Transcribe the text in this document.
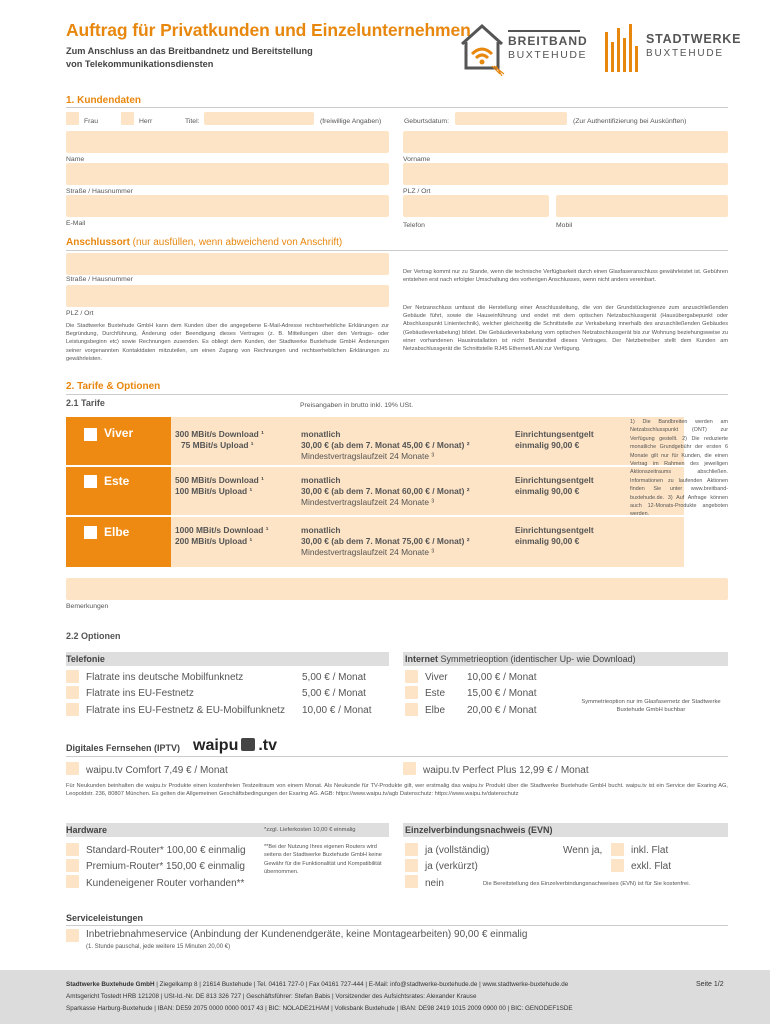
Auftrag für Privatkunden und Einzelunternehmen
Zum Anschluss an das Breitbandnetz und Bereitstellung
von Telekommunikationsdiensten
BREITBAND
BUXTEHUDE
STADTWERKE
BUXTEHUDE
1. Kundendaten
Frau	Herr	Titel:	(freiwillige Angaben)	Geburtsdatum:	(Zur Authentifizierung bei Auskünften)
Name	Vorname
Straße / Hausnummer	PLZ / Ort
E-Mail	Telefon	Mobil
Anschlussort (nur ausfüllen, wenn abweichend von Anschrift)
Straße / Hausnummer
PLZ / Ort
Die Stadtwerke Buxtehude GmbH kann dem Kunden über die angegebene E-Mail-Adresse rechtserhebliche Erklärungen zur Begründung, Durchführung, Änderung oder Beendigung dieses Vertrages (z. B. Mitteilungen über den Vertrags- oder Leistungsbeginn etc) sowie Rechnungen zusenden. Es obliegt dem Kunden, der Stadtwerke Buxtehude GmbH Änderungen seiner vorgenannten Kontaktdaten mitzuteilen, um einen Zugang von Rechnungen und rechtserheblichen Erklärungen zu gewährleisten.
Der Vertrag kommt nur zu Stande, wenn die technische Verfügbarkeit durch einen Glasfaseranschluss gewährleistet ist. Gebühren entstehen erst nach erfolgter Umschaltung des vorherigen Anschlusses, wenn nicht anders vereinbart.
Der Netzanschluss umfasst die Herstellung einer Anschlussleitung, die von der Grundstücksgrenze zum anzuschließenden Gebäude führt, sowie die Hauseinführung und endet mit dem optischen Netzabschlussgerät (Hausübergabepunkt oder Abschlusspunkt Linientechnik), welcher gleichzeitig die Schnittstelle zur Verkabelung innerhalb des anzuschließenden Gebäudes (Gebäudeverkabelung) bildet. Die Gebäudeverkabelung vom optischen Netzabschlussgerät bis zur Wohnung beziehungsweise zu einer vorhandenen Hausinstallation ist nicht Bestandteil dieses Vertrages. Der Netzbetreiber stellt dem Kunden am Netzabschlussgerät die Schnittstelle RJ45 Ethernet/LAN zur Verfügung.
2. Tarife & Optionen
2.1 Tarife	Preisangaben in brutto inkl. 19% USt.
Viver	300 MBit/s Download ¹
75 MBit/s Upload ¹
monatlich
30,00 € (ab dem 7. Monat 45,00 € / Monat) ²
Mindestvertragslaufzeit 24 Monate ³
Einrichtungsentgelt
einmalig 90,00 €
Este	500 MBit/s Download ¹
100 MBit/s Upload ¹
monatlich
30,00 € (ab dem 7. Monat 60,00 € / Monat) ²
Mindestvertragslaufzeit 24 Monate ³
Einrichtungsentgelt
einmalig 90,00 €
Elbe	1000 MBit/s Download ¹
200 MBit/s Upload ¹
monatlich
30,00 € (ab dem 7. Monat 75,00 € / Monat) ²
Mindestvertragslaufzeit 24 Monate ³
Einrichtungsentgelt
einmalig 90,00 €
1) Die Bandbreiten werden am Netzabschlusspunkt (ONT) zur Verfügung gestellt. 2) Die reduzierte monatliche Grundgebühr der ersten 6 Monate gilt nur für Kunden, die einen Vertrag im Rahmen des jeweiligen Aktionszeitraums abschließen. Informationen zu laufenden Aktionen finden Sie unter www.breitband-buxtehude.de. 3) Auf Anfrage können auch 12-Monats-Produkte angeboten werden.
Bemerkungen
2.2 Optionen
Telefonie
Flatrate ins deutsche Mobilfunknetz	5,00 € / Monat
Flatrate ins EU-Festnetz	5,00 € / Monat
Flatrate ins EU-Festnetz & EU-Mobilfunknetz 10,00 € / Monat
Internet Symmetrieoption (identischer Up- wie Download)
Viver 10,00 € / Monat
Este 15,00 € / Monat
Elbe 20,00 € / Monat
Symmetrieoption nur im Glasfasernetz der Stadtwerke Buxtehude GmbH buchbar
Digitales Fernsehen (IPTV) waipu .tv
waipu.tv Comfort 7,49 € / Monat	waipu.tv Perfect Plus 12,99 € / Monat
Für Neukunden beinhalten die waipu.tv Produkte einen kostenfreien Testzeitraum von einem Monat. Als Neukunde für TV-Produkte gilt, wer erstmalig das waipu.tv Produkt über die Stadtwerke Buxtehude GmbH bucht. waipu.tv ist ein Service der Exaring AG, Leopoldstr. 236, 80807 München. Es gelten die Allgemeinen Geschäftsbedingungen der Exaring AG. AGB: https://www.waipu.tv/agb Datenschutz: https://www.waipu.tv/datenschutz
Hardware	*zzgl. Lieferkosten 10,00 € einmalig
Standard-Router* 100,00 € einmalig
Premium-Router* 150,00 € einmalig
Kundeneigener Router vorhanden**
**Bei der Nutzung Ihres eigenen Routers wird seitens der Stadtwerke Buxtehude GmbH keine Gewähr für die Funktionalität und Kompatibilität übernommen.
Einzelverbindungsnachweis (EVN)
ja (vollständig)	Wenn ja,	inkl. Flat
ja (verkürzt)	exkl. Flat
nein	Die Bereitstellung des Einzelverbindungsnachweises (EVN) ist für Sie kostenfrei.
Serviceleistungen
Inbetriebnahmeservice (Anbindung der Kundenendgeräte, keine Montagearbeiten) 90,00 € einmalig
(1. Stunde pauschal, jede weitere 15 Minuten 20,00 €)
Stadtwerke Buxtehude GmbH | Ziegelkamp 8 | 21614 Buxtehude | Tel. 04161 727-0 | Fax 04161 727-444 | E-Mail: info@stadtwerke-buxtehude.de | www.stadtwerke-buxtehude.de
Amtsgericht Tostedt HRB 121208 | USt-Id.-Nr. DE 813 326 727 | Geschäftsführer: Stefan Babis | Vorsitzender des Aufsichtsrates: Alexander Krause
Sparkasse Harburg-Buxtehude | IBAN: DE59 2075 0000 0000 0017 43 | BIC: NOLADE21HAM | Volksbank Buxtehude | IBAN: DE98 2419 1015 2009 0900 00 | BIC: GENODEF1SDE
Seite 1/2
